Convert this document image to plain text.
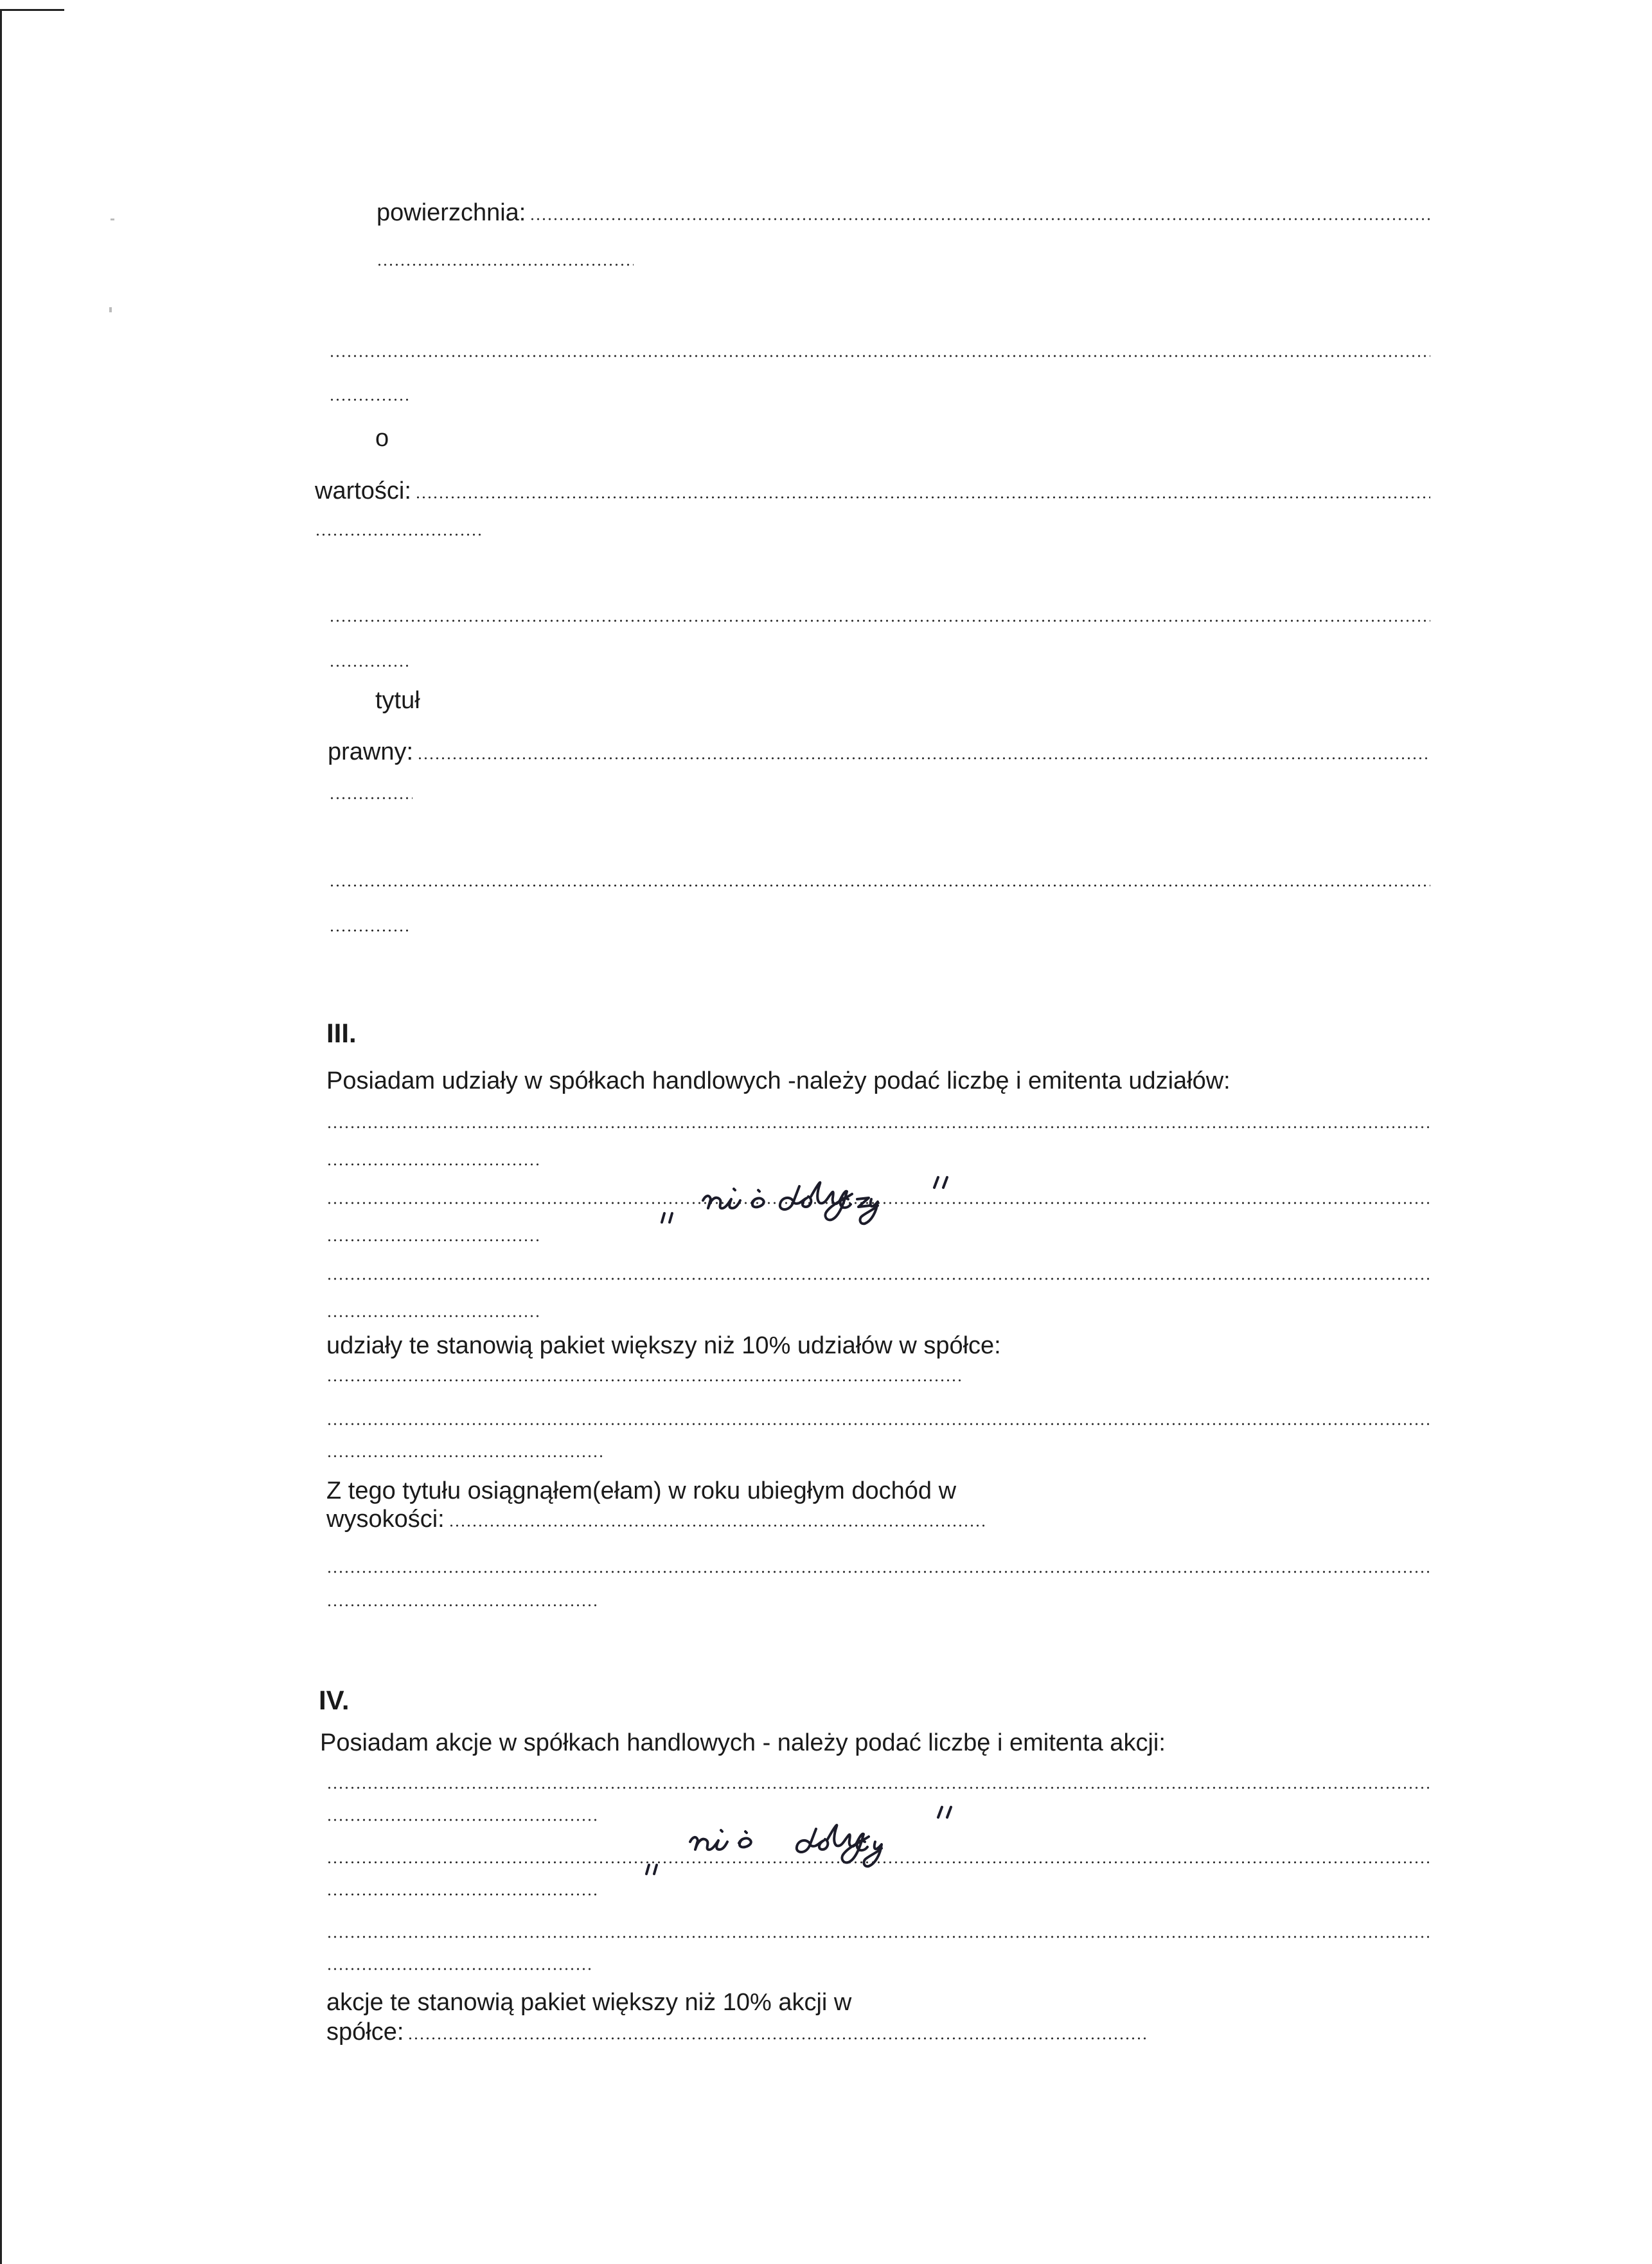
powierzchnia:
o
wartości:
tytuł
prawny:
III.
Posiadam udziały w spółkach handlowych -należy podać liczbę i emitenta udziałów:
udziały te stanowią pakiet większy niż 10% udziałów w spółce:
Z tego tytułu osiągnąłem(ełam) w roku ubiegłym dochód w
wysokości:
IV.
Posiadam akcje w spółkach handlowych - należy podać liczbę i emitenta akcji:
akcje te stanowią pakiet większy niż 10% akcji w
spółce:
